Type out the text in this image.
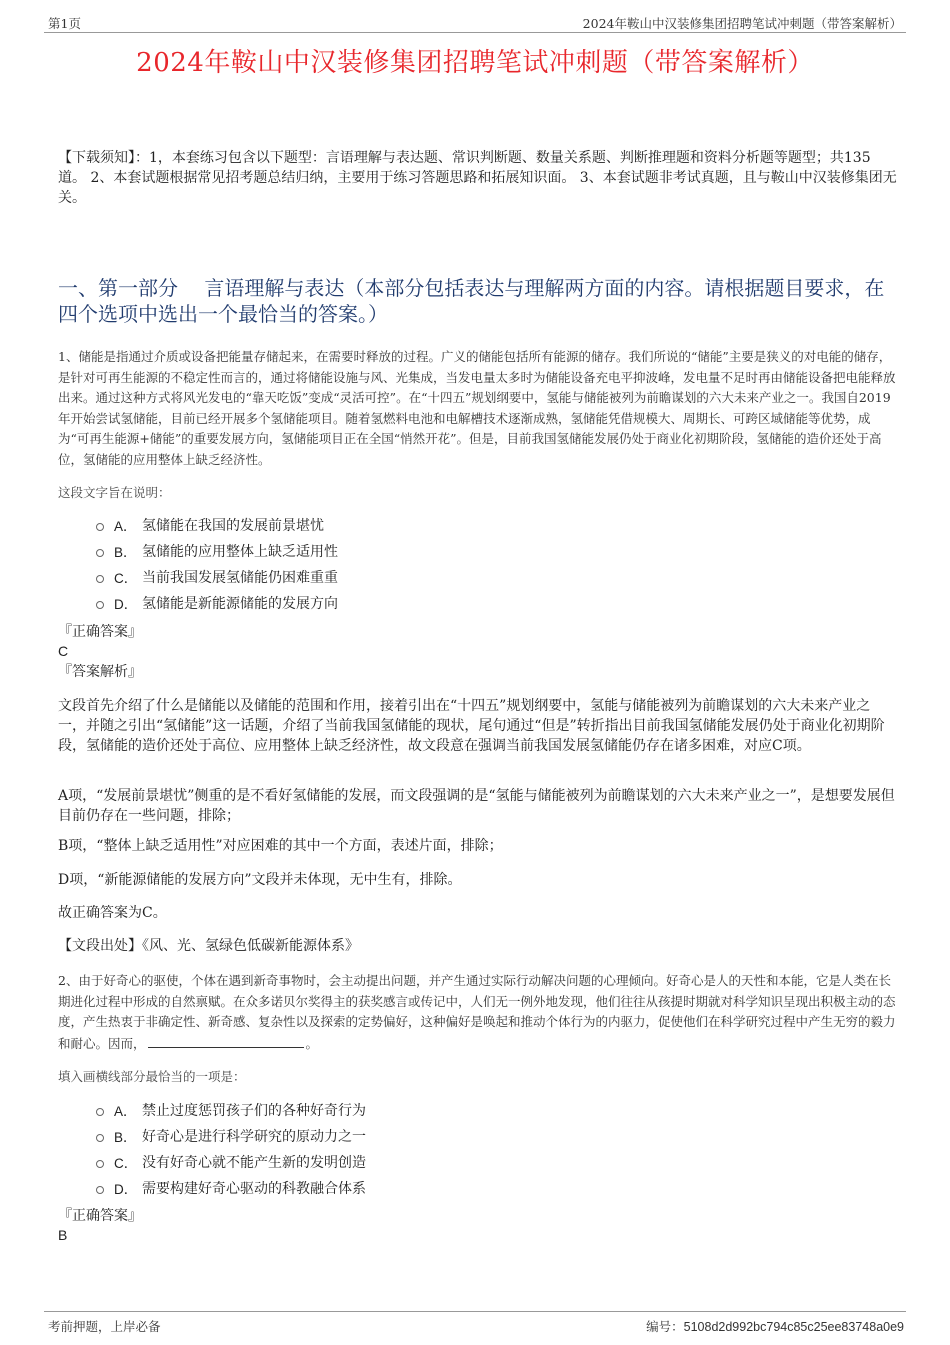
第1页	2024年鞍山中汉装修集团招聘笔试冲刺题（带答案解析）
2024年鞍山中汉装修集团招聘笔试冲刺题（带答案解析）
【下载须知】：1，本套练习包含以下题型：言语理解与表达题、常识判断题、数量关系题、判断推理题和资料分析题等题型；共135道。 2、本套试题根据常见招考题总结归纳，主要用于练习答题思路和拓展知识面。 3、本套试题非考试真题，且与鞍山中汉装修集团无关。
一、第一部分　 言语理解与表达（本部分包括表达与理解两方面的内容。请根据题目要求，在四个选项中选出一个最恰当的答案。）
1、储能是指通过介质或设备把能量存储起来，在需要时释放的过程。广义的储能包括所有能源的储存。我们所说的“储能”主要是狭义的对电能的储存，是针对可再生能源的不稳定性而言的，通过将储能设施与风、光集成，当发电量太多时为储能设备充电平抑波峰，发电量不足时再由储能设备把电能释放出来。通过这种方式将风光发电的“靠天吃饭”变成“灵活可控”。在“十四五”规划纲要中，氢能与储能被列为前瞻谋划的六大未来产业之一。我国自2019年开始尝试氢储能，目前已经开展多个氢储能项目。随着氢燃料电池和电解槽技术逐渐成熟，氢储能凭借规模大、周期长、可跨区域储能等优势，成为“可再生能源+储能”的重要发展方向，氢储能项目正在全国“悄然开花”。但是，目前我国氢储能发展仍处于商业化初期阶段，氢储能的造价还处于高位，氢储能的应用整体上缺乏经济性。
这段文字旨在说明：
A． 氢储能在我国的发展前景堪忧
B． 氢储能的应用整体上缺乏适用性
C． 当前我国发展氢储能仍困难重重
D． 氢储能是新能源储能的发展方向
『正确答案』
C
『答案解析』
文段首先介绍了什么是储能以及储能的范围和作用，接着引出在“十四五”规划纲要中，氢能与储能被列为前瞻谋划的六大未来产业之一，并随之引出“氢储能”这一话题，介绍了当前我国氢储能的现状，尾句通过“但是”转折指出目前我国氢储能发展仍处于商业化初期阶段，氢储能的造价还处于高位、应用整体上缺乏经济性，故文段意在强调当前我国发展氢储能仍存在诸多困难，对应C项。
A项，“发展前景堪忧”侧重的是不看好氢储能的发展，而文段强调的是“氢能与储能被列为前瞻谋划的六大未来产业之一”，是想要发展但目前仍存在一些问题，排除；
B项，“整体上缺乏适用性”对应困难的其中一个方面，表述片面，排除；
D项，“新能源储能的发展方向”文段并未体现，无中生有，排除。
故正确答案为C。
【文段出处】《风、光、氢绿色低碳新能源体系》
2、由于好奇心的驱使，个体在遇到新奇事物时，会主动提出问题，并产生通过实际行动解决问题的心理倾向。好奇心是人的天性和本能，它是人类在长期进化过程中形成的自然禀赋。在众多诺贝尔奖得主的获奖感言或传记中，人们无一例外地发现，他们往往从孩提时期就对科学知识呈现出积极主动的态度，产生热衷于非确定性、新奇感、复杂性以及探索的定势偏好，这种偏好是唤起和推动个体行为的内驱力，促使他们在科学研究过程中产生无穷的毅力和耐心。因而，	。
填入画横线部分最恰当的一项是：
A． 禁止过度惩罚孩子们的各种好奇行为
B． 好奇心是进行科学研究的原动力之一
C． 没有好奇心就不能产生新的发明创造
D． 需要构建好奇心驱动的科教融合体系
『正确答案』
B
考前押题，上岸必备	编号：5108d2d992bc794c85c25ee83748a0e9
